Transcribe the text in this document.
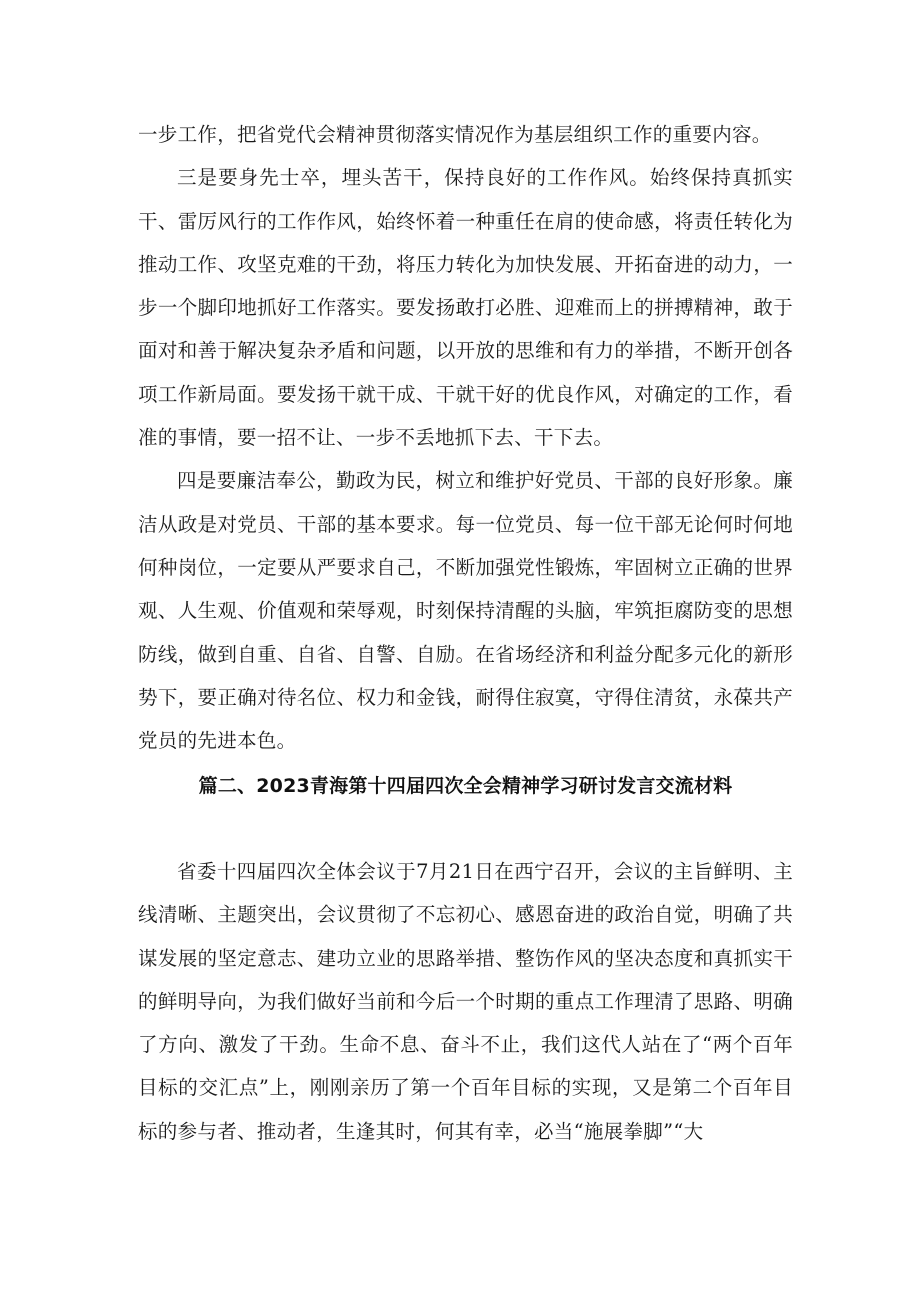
一步工作，把省党代会精神贯彻落实情况作为基层组织工作的重要内容。

三是要身先士卒，埋头苦干，保持良好的工作作风。始终保持真抓实干、雷厉风行的工作作风，始终怀着一种重任在肩的使命感，将责任转化为推动工作、攻坚克难的干劲，将压力转化为加快发展、开拓奋进的动力，一步一个脚印地抓好工作落实。要发扬敢打必胜、迎难而上的拼搏精神，敢于面对和善于解决复杂矛盾和问题，以开放的思维和有力的举措，不断开创各项工作新局面。要发扬干就干成、干就干好的优良作风，对确定的工作，看准的事情，要一招不让、一步不丢地抓下去、干下去。

四是要廉洁奉公，勤政为民，树立和维护好党员、干部的良好形象。廉洁从政是对党员、干部的基本要求。每一位党员、每一位干部无论何时何地何种岗位，一定要从严要求自己，不断加强党性锻炼，牢固树立正确的世界观、人生观、价值观和荣辱观，时刻保持清醒的头脑，牢筑拒腐防变的思想防线，做到自重、自省、自警、自励。在省场经济和利益分配多元化的新形势下，要正确对待名位、权力和金钱，耐得住寂寞，守得住清贫，永葆共产党员的先进本色。

篇二、2023青海第十四届四次全会精神学习研讨发言交流材料

省委十四届四次全体会议于7月21日在西宁召开，会议的主旨鲜明、主线清晰、主题突出，会议贯彻了不忘初心、感恩奋进的政治自觉，明确了共谋发展的坚定意志、建功立业的思路举措、整饬作风的坚决态度和真抓实干的鲜明导向，为我们做好当前和今后一个时期的重点工作理清了思路、明确了方向、激发了干劲。生命不息、奋斗不止，我们这代人站在了“两个百年目标的交汇点”上，刚刚亲历了第一个百年目标的实现，又是第二个百年目标的参与者、推动者，生逢其时，何其有幸，必当“施展拳脚”“大
